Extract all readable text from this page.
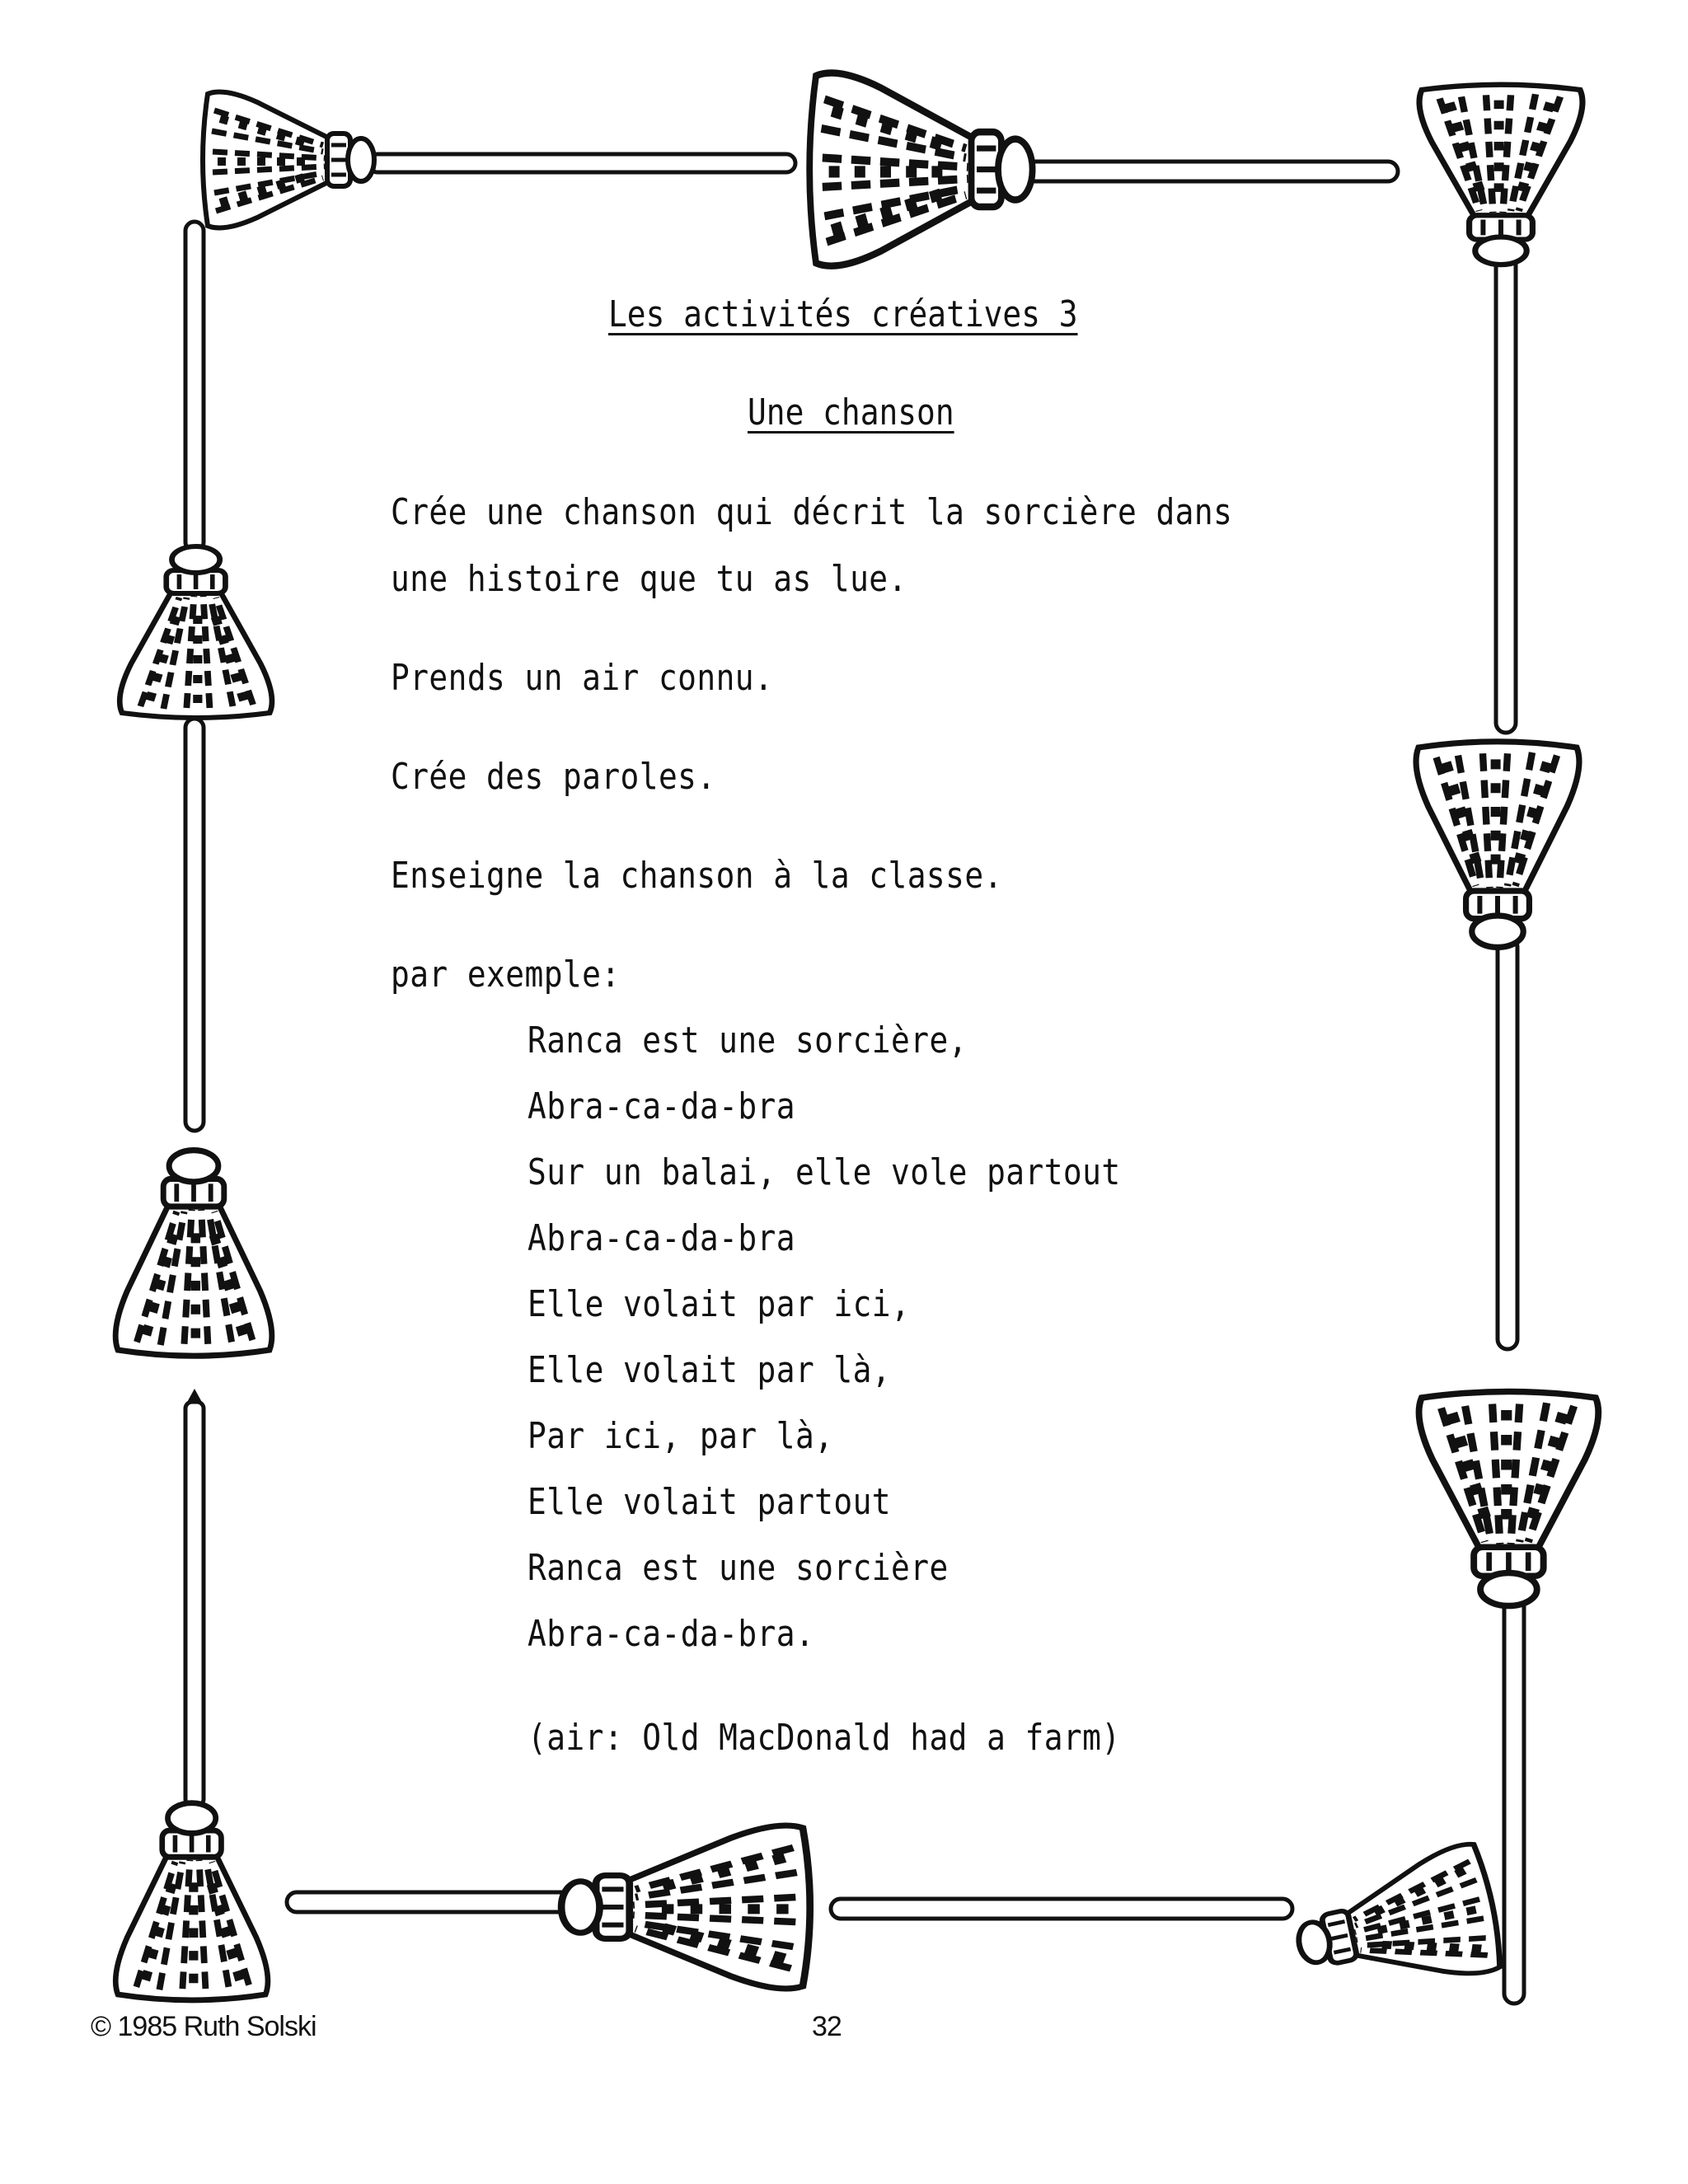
Les activités créatives 3
Une chanson
Crée une chanson qui décrit la sorcière dans
une histoire que tu as lue.
Prends un air connu.
Crée des paroles.
Enseigne la chanson à la classe.
par exemple:
Ranca est une sorcière,
Abra-ca-da-bra
Sur un balai, elle vole partout
Abra-ca-da-bra
Elle volait par ici,
Elle volait par là,
Par ici, par là,
Elle volait partout
Ranca est une sorcière
Abra-ca-da-bra.
(air: Old MacDonald had a farm)
© 1985 Ruth Solski	32
